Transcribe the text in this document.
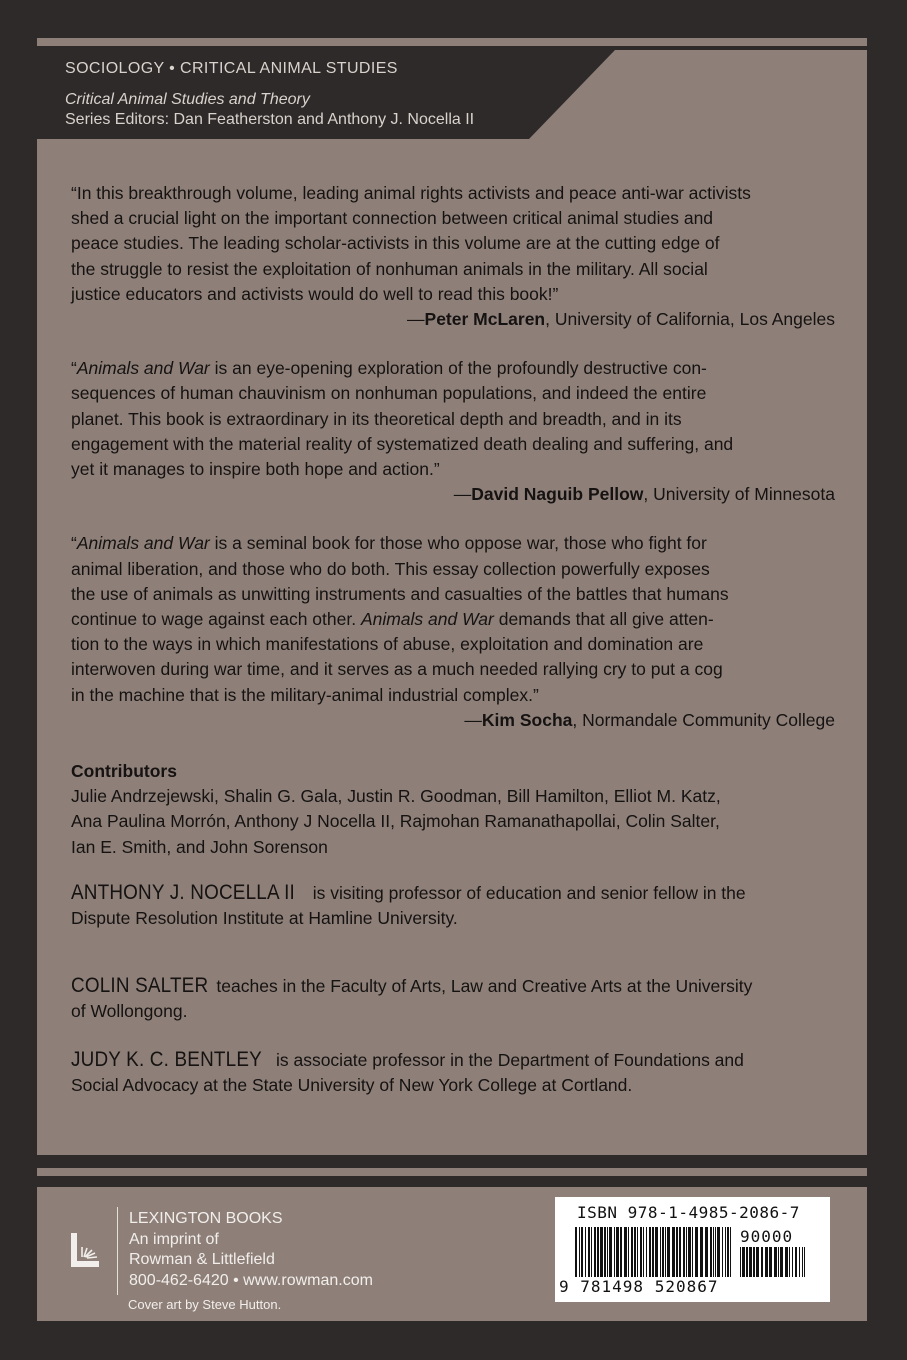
SOCIOLOGY • CRITICAL ANIMAL STUDIES
Critical Animal Studies and Theory
Series Editors: Dan Featherston and Anthony J. Nocella II

“In this breakthrough volume, leading animal rights activists and peace anti-war activists
shed a crucial light on the important connection between critical animal studies and
peace studies. The leading scholar-activists in this volume are at the cutting edge of
the struggle to resist the exploitation of nonhuman animals in the military. All social
justice educators and activists would do well to read this book!”

—Peter McLaren, University of California, Los Angeles

“Animals and War is an eye-opening exploration of the profoundly destructive con-
sequences of human chauvinism on nonhuman populations, and indeed the entire
planet. This book is extraordinary in its theoretical depth and breadth, and in its
engagement with the material reality of systematized death dealing and suffering, and
yet it manages to inspire both hope and action.”

—David Naguib Pellow, University of Minnesota

“Animals and War is a seminal book for those who oppose war, those who fight for
animal liberation, and those who do both. This essay collection powerfully exposes
the use of animals as unwitting instruments and casualties of the battles that humans
continue to wage against each other. Animals and War demands that all give atten-
tion to the ways in which manifestations of abuse, exploitation and domination are
interwoven during war time, and it serves as a much needed rallying cry to put a cog
in the machine that is the military-animal industrial complex.”

—Kim Socha, Normandale Community College

Contributors

Julie Andrzejewski, Shalin G. Gala, Justin R. Goodman, Bill Hamilton, Elliot M. Katz,
Ana Paulina Morrón, Anthony J Nocella II, Rajmohan Ramanathapollai, Colin Salter,
Ian E. Smith, and John Sorenson

ANTHONY J. NOCELLA II is visiting professor of education and senior fellow in the
Dispute Resolution Institute at Hamline University.

COLIN SALTER teaches in the Faculty of Arts, Law and Creative Arts at the University
of Wollongong.

JUDY K. C. BENTLEY is associate professor in the Department of Foundations and
Social Advocacy at the State University of New York College at Cortland.

LEXINGTON BOOKS
An imprint of
Rowman & Littlefield
800-462-6420 • www.rowman.com
Cover art by Steve Hutton.
ISBN 978-1-4985-2086-7
90000
9 781498 520867
